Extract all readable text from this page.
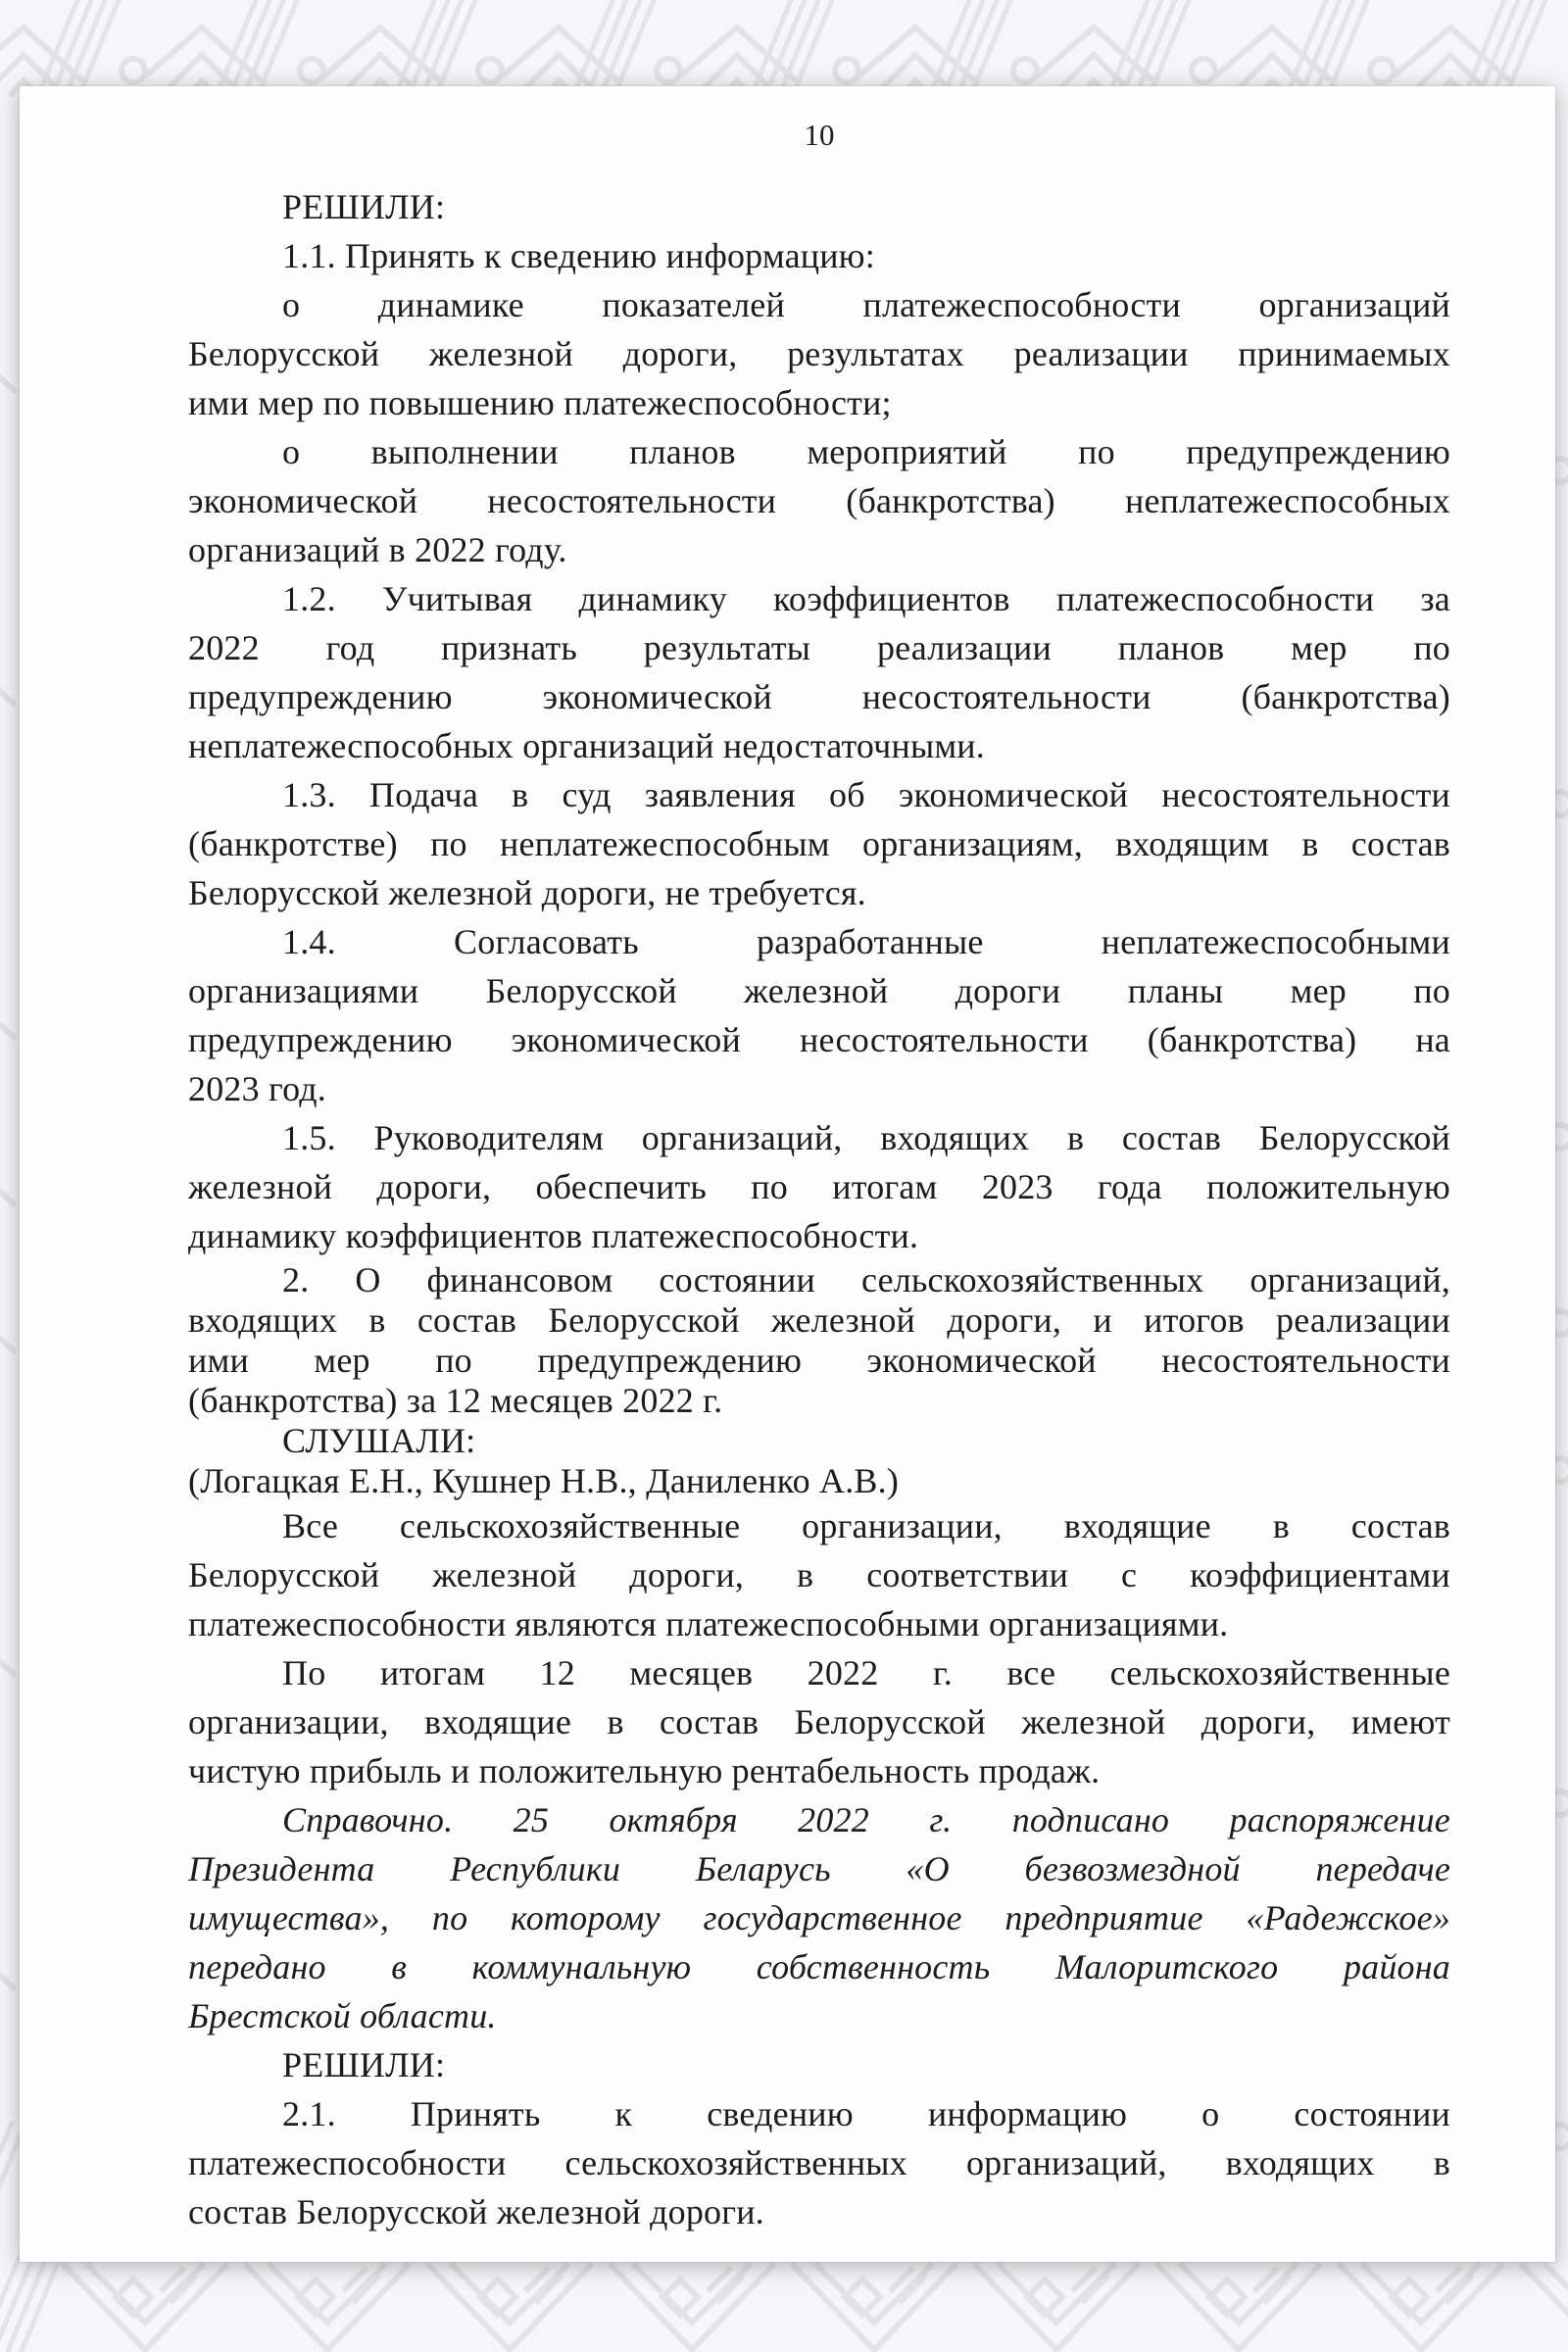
10
РЕШИЛИ:
1.1. Принять к сведению информацию:
о динамике показателей платежеспособности организаций
Белорусской железной дороги, результатах реализации принимаемых
ими мер по повышению платежеспособности;
о выполнении планов мероприятий по предупреждению
экономической несостоятельности (банкротства) неплатежеспособных
организаций в 2022 году.
1.2. Учитывая динамику коэффициентов платежеспособности за
2022 год признать результаты реализации планов мер по
предупреждению экономической несостоятельности (банкротства)
неплатежеспособных организаций недостаточными.
1.3. Подача в суд заявления об экономической несостоятельности
(банкротстве) по неплатежеспособным организациям, входящим в состав
Белорусской железной дороги, не требуется.
1.4. Согласовать разработанные неплатежеспособными
организациями Белорусской железной дороги планы мер по
предупреждению экономической несостоятельности (банкротства) на
2023 год.
1.5. Руководителям организаций, входящих в состав Белорусской
железной дороги, обеспечить по итогам 2023 года положительную
динамику коэффициентов платежеспособности.
2. О финансовом состоянии сельскохозяйственных организаций,
входящих в состав Белорусской железной дороги, и итогов реализации
ими мер по предупреждению экономической несостоятельности
(банкротства) за 12 месяцев 2022 г.
СЛУШАЛИ:
(Логацкая Е.Н., Кушнер Н.В., Даниленко А.В.)
Все сельскохозяйственные организации, входящие в состав
Белорусской железной дороги, в соответствии с коэффициентами
платежеспособности являются платежеспособными организациями.
По итогам 12 месяцев 2022 г. все сельскохозяйственные
организации, входящие в состав Белорусской железной дороги, имеют
чистую прибыль и положительную рентабельность продаж.
Справочно. 25 октября 2022 г. подписано распоряжение
Президента Республики Беларусь «О безвозмездной передаче
имущества», по которому государственное предприятие «Радежское»
передано в коммунальную собственность Малоритского района
Брестской области.
РЕШИЛИ:
2.1. Принять к сведению информацию о состоянии
платежеспособности сельскохозяйственных организаций, входящих в
состав Белорусской железной дороги.
